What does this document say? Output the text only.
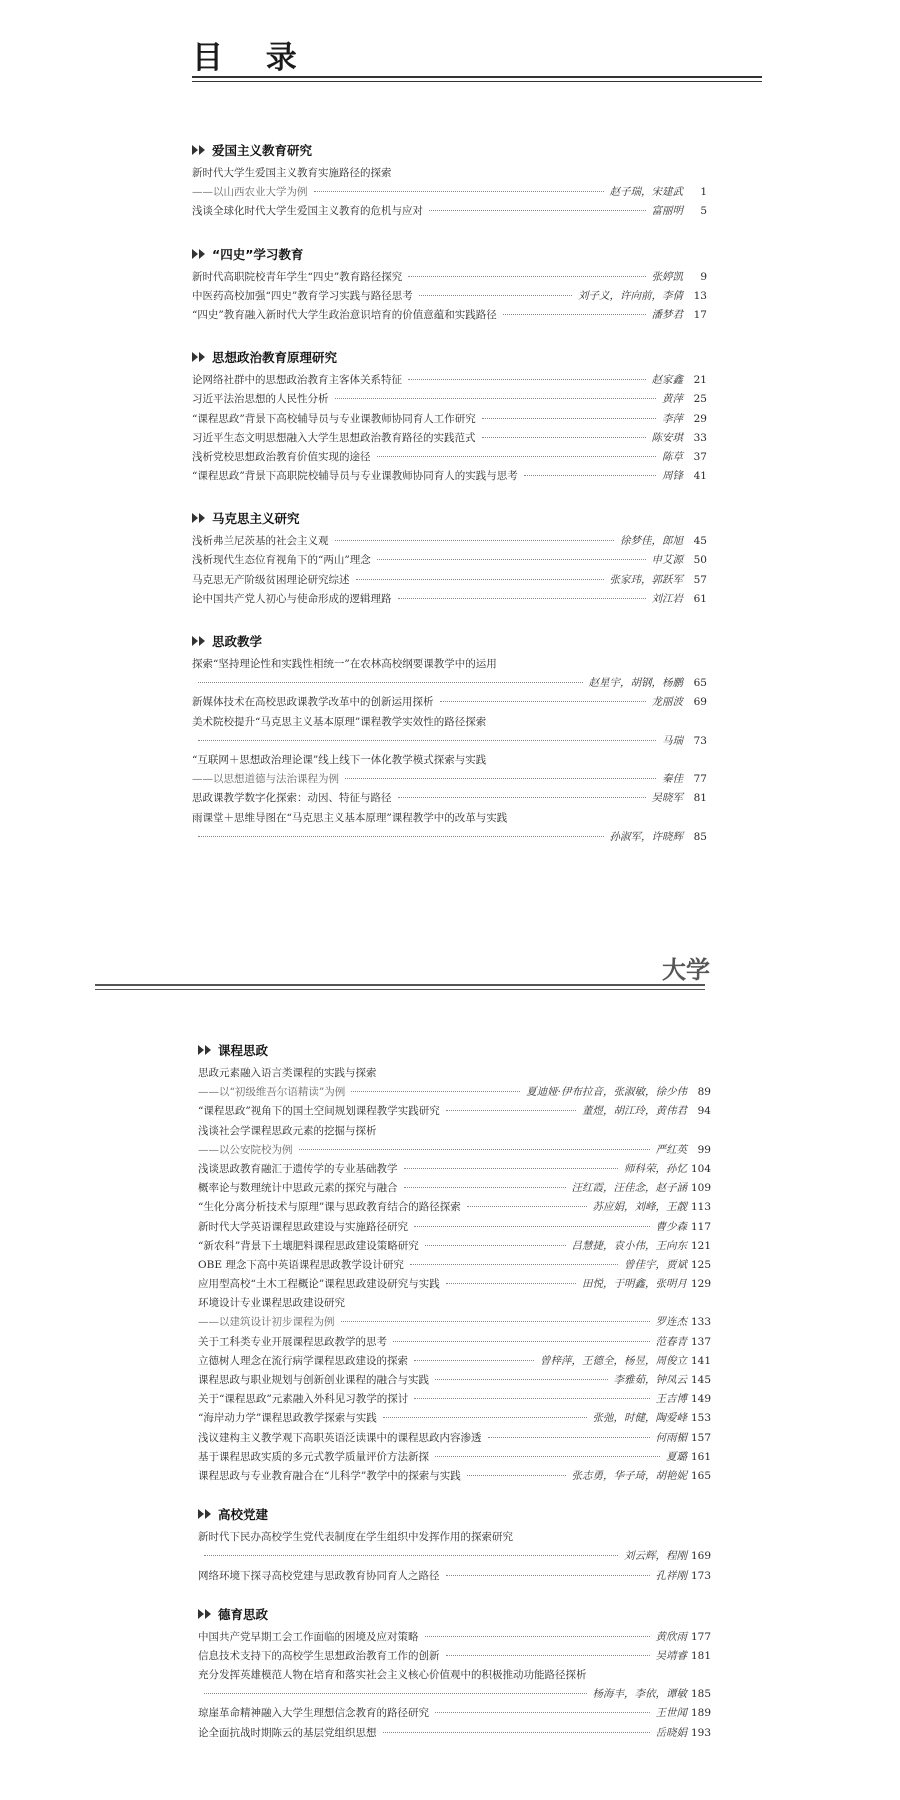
目 录
爱国主义教育研究
新时代大学生爱国主义教育实施路径的探索
——以山西农业大学为例	赵子瑞，宋建武	1
浅谈全球化时代大学生爱国主义教育的危机与应对	富丽明	5
“四史”学习教育
新时代高职院校青年学生“四史”教育路径探究	张婷凯	9
中医药高校加强“四史”教育学习实践与路径思考	刘子义，许向前，李倩	13
“四史”教育融入新时代大学生政治意识培育的价值意蕴和实践路径	潘梦君	17
思想政治教育原理研究
论网络社群中的思想政治教育主客体关系特征	赵家鑫	21
习近平法治思想的人民性分析	黄萍	25
“课程思政”背景下高校辅导员与专业课教师协同育人工作研究	李萍	29
习近平生态文明思想融入大学生思想政治教育路径的实践范式	陈安琪	33
浅析党校思想政治教育价值实现的途径	陈草	37
“课程思政”背景下高职院校辅导员与专业课教师协同育人的实践与思考	周锋	41
马克思主义研究
浅析弗兰尼茨基的社会主义观	徐梦佳，郎旭	45
浅析现代生态位育视角下的“两山”理念	申艾源	50
马克思无产阶级贫困理论研究综述	张家玮，郭跃军	57
论中国共产党人初心与使命形成的逻辑理路	刘江岩	61
思政教学
探索“坚持理论性和实践性相统一”在农林高校纲要课教学中的运用
赵星宇，胡钢，杨鹏	65
新媒体技术在高校思政课教学改革中的创新运用探析	龙丽波	69
美术院校提升“马克思主义基本原理”课程教学实效性的路径探索
马瑞	73
“互联网＋思想政治理论课”线上线下一体化教学模式探索与实践
——以思想道德与法治课程为例	秦佳	77
思政课教学数字化探索：动因、特征与路径	吴晓军	81
雨课堂＋思维导图在“马克思主义基本原理”课程教学中的改革与实践
孙淑军，许晓辉	85
大学
课程思政
思政元素融入语言类课程的实践与探索
——以“初级维吾尔语精读”为例	夏迪娅·伊布拉音，张淑敏，徐少伟	89
“课程思政”视角下的国土空间规划课程教学实践研究	董煜，胡江玲，黄伟君	94
浅谈社会学课程思政元素的挖掘与探析
——以公安院校为例	严红英	99
浅谈思政教育融汇于遗传学的专业基础教学	师科荣，孙忆 104
概率论与数理统计中思政元素的探究与融合	汪红霞，汪佳念，赵子涵 109
“生化分离分析技术与原理”课与思政教育结合的路径探索	苏应娟，刘峰，王靓 113
新时代大学英语课程思政建设与实施路径研究	曹少森 117
“新农科”背景下土壤肥料课程思政建设策略研究	吕慧捷，袁小伟，王向东 121
OBE 理念下高中英语课程思政教学设计研究	曾佳宇，贾斌 125
应用型高校“土木工程概论”课程思政建设研究与实践	田悦，于明鑫，张明月 129
环境设计专业课程思政建设研究
——以建筑设计初步课程为例	罗连杰 133
关于工科类专业开展课程思政教学的思考	范春青 137
立德树人理念在流行病学课程思政建设的探索	曾梓萍，王德全，杨昱，周俊立 141
课程思政与职业规划与创新创业课程的融合与实践	李雅茹，钟凤云 145
关于“课程思政”元素融入外科见习教学的探讨	王吉博 149
“海岸动力学”课程思政教学探索与实践	张弛，时健，陶爱峰 153
浅议建构主义教学观下高职英语泛读课中的课程思政内容渗透	何雨楣 157
基于课程思政实质的多元式教学质量评价方法新探	夏璐 161
课程思政与专业教育融合在“儿科学”教学中的探索与实践	张志勇，华子琦，胡艳妮 165
高校党建
新时代下民办高校学生党代表制度在学生组织中发挥作用的探索研究
刘云辉，程刚 169
网络环境下探寻高校党建与思政教育协同育人之路径	孔祥刚 173
德育思政
中国共产党早期工会工作面临的困境及应对策略	黄欣雨 177
信息技术支持下的高校学生思想政治教育工作的创新	吴靖睿 181
充分发挥英雄模范人物在培育和落实社会主义核心价值观中的积极推动功能路径探析
杨海丰，李依，谭敏 185
琼崖革命精神融入大学生理想信念教育的路径研究	王世闻 189
论全面抗战时期陈云的基层党组织思想	岳晓娟 193
